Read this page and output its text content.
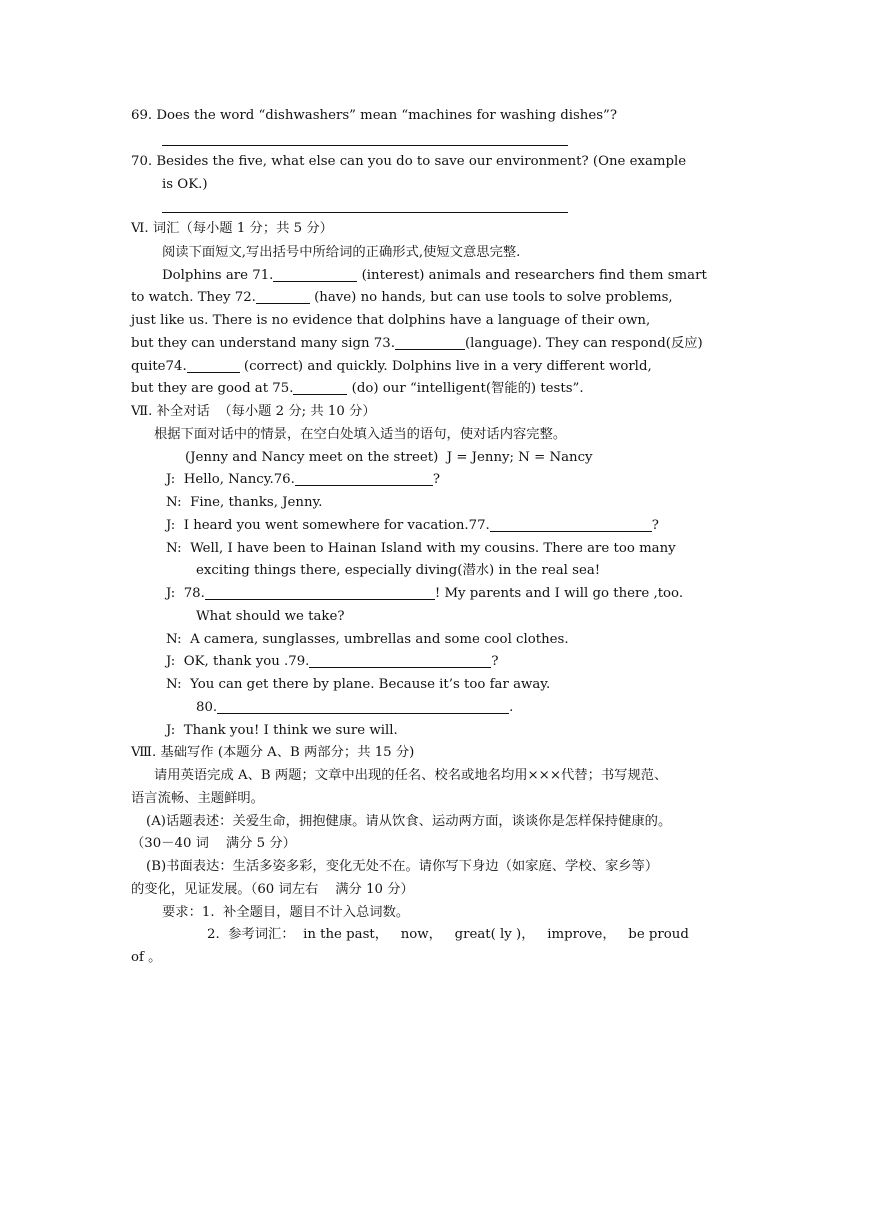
69. Does the word “dishwashers” mean “machines for washing dishes”?
70. Besides the five, what else can you do to save our environment? (One example
is OK.)
Ⅵ. 词汇（每小题 1 分；共 5 分）
阅读下面短文,写出括号中所给词的正确形式,使短文意思完整.
Dolphins are 71.	(interest) animals and researchers find them smart
to watch. They 72.	(have) no hands, but can use tools to solve problems,
just like us. There is no evidence that dolphins have a language of their own,
but they can understand many sign 73.	(language). They can respond(反应)
quite74.	(correct) and quickly. Dolphins live in a very different world,
but they are good at 75.	(do) our “intelligent(智能的) tests”.
Ⅶ. 补全对话  （每小题 2 分; 共 10 分）
根据下面对话中的情景，在空白处填入适当的语句，使对话内容完整。
(Jenny and Nancy meet on the street)  J = Jenny; N = Nancy
J:  Hello, Nancy.76.	?
N:  Fine, thanks, Jenny.
J:  I heard you went somewhere for vacation.77.	?
N:  Well, I have been to Hainan Island with my cousins. There are too many
exciting things there, especially diving(潜水) in the real sea!
J:  78.	! My parents and I will go there ,too.
What should we take?
N:  A camera, sunglasses, umbrellas and some cool clothes.
J:  OK, thank you .79.	?
N:  You can get there by plane. Because it’s too far away.
80.	.
J:  Thank you! I think we sure will.
Ⅷ. 基础写作 (本题分 A、B 两部分；共 15 分)
请用英语完成 A、B 两题；文章中出现的任名、校名或地名均用×××代替；书写规范、
语言流畅、主题鲜明。
(A)话题表述：关爱生命，拥抱健康。请从饮食、运动两方面，谈谈你是怎样保持健康的。
（30－40 词    满分 5 分）
(B)书面表达：生活多姿多彩，变化无处不在。请你写下身边（如家庭、学校、家乡等）
的变化，见证发展。（60 词左右    满分 10 分）
要求：1.  补全题目，题目不计入总词数。
2.  参考词汇：  in the past，   now，   great( ly )，   improve，   be proud
of 。
